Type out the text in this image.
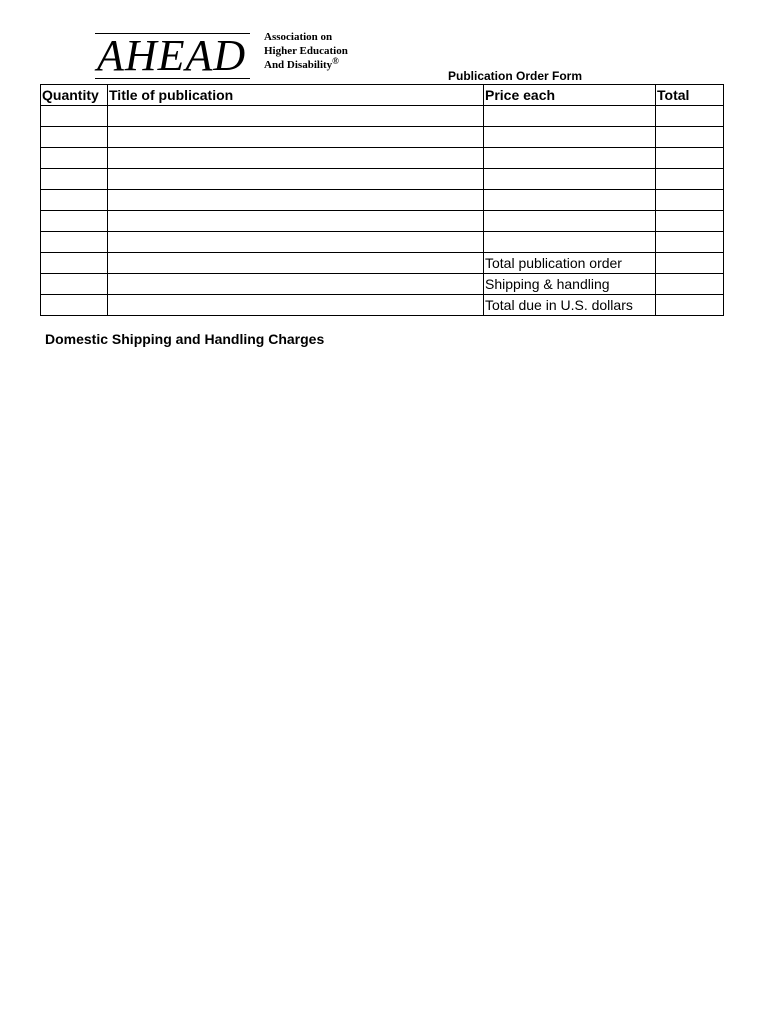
AHEAD	Association on
Higher Education
And Disability®
Publication Order Form
Quantity	Title of publication	Price each	Total

		Total publication order	
		Shipping & handling	
		Total due in U.S. dollars	
Domestic Shipping and Handling Charges
